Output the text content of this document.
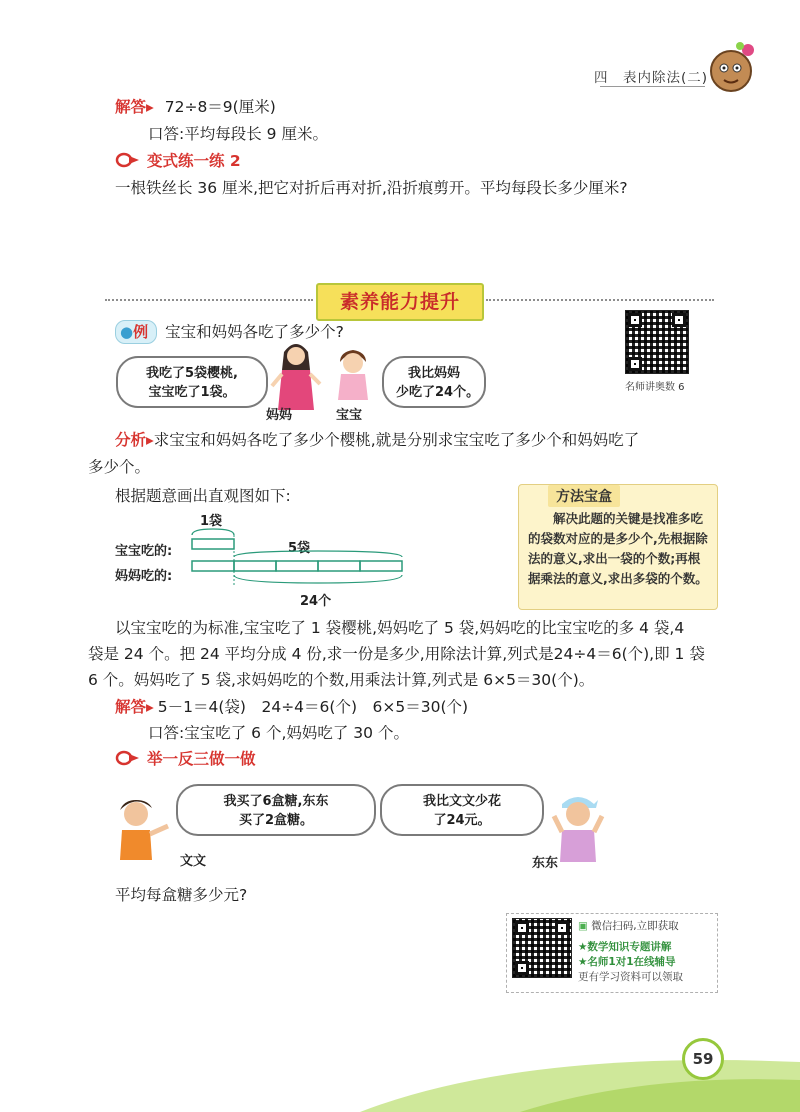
四　表内除法(二)
解答▸ 72÷8＝9(厘米)
口答:平均每段长 9 厘米。
变式练一练 2
一根铁丝长 36 厘米,把它对折后再对折,沿折痕剪开。平均每段长多少厘米?
素养能力提升
●例 宝宝和妈妈各吃了多少个?
名师讲奥数 6
我吃了5袋樱桃,
宝宝吃了1袋。
妈妈	宝宝
我比妈妈
少吃了24个。
分析▸求宝宝和妈妈各吃了多少个樱桃,就是分别求宝宝吃了多少个和妈妈吃了
多少个。
根据题意画出直观图如下:
1袋
5袋
宝宝吃的:
妈妈吃的:
24个
方法宝盒
解决此题的关键是找准多吃的袋数对应的是多少个,先根据除法的意义,求出一袋的个数;再根据乘法的意义,求出多袋的个数。
以宝宝吃的为标准,宝宝吃了 1 袋樱桃,妈妈吃了 5 袋,妈妈吃的比宝宝吃的多 4 袋,4
袋是 24 个。把 24 平均分成 4 份,求一份是多少,用除法计算,列式是24÷4＝6(个),即 1 袋
6 个。妈妈吃了 5 袋,求妈妈吃的个数,用乘法计算,列式是 6×5＝30(个)。
解答▸ 5－1＝4(袋)　24÷4＝6(个)　6×5＝30(个)
口答:宝宝吃了 6 个,妈妈吃了 30 个。
举一反三做一做
文文
我买了6盒糖,东东
买了2盒糖。
我比文文少花
了24元。
东东
平均每盒糖多少元?
▣ 微信扫码,立即获取
★数学知识专题讲解
★名师1对1在线辅导
更有学习资料可以领取
59
